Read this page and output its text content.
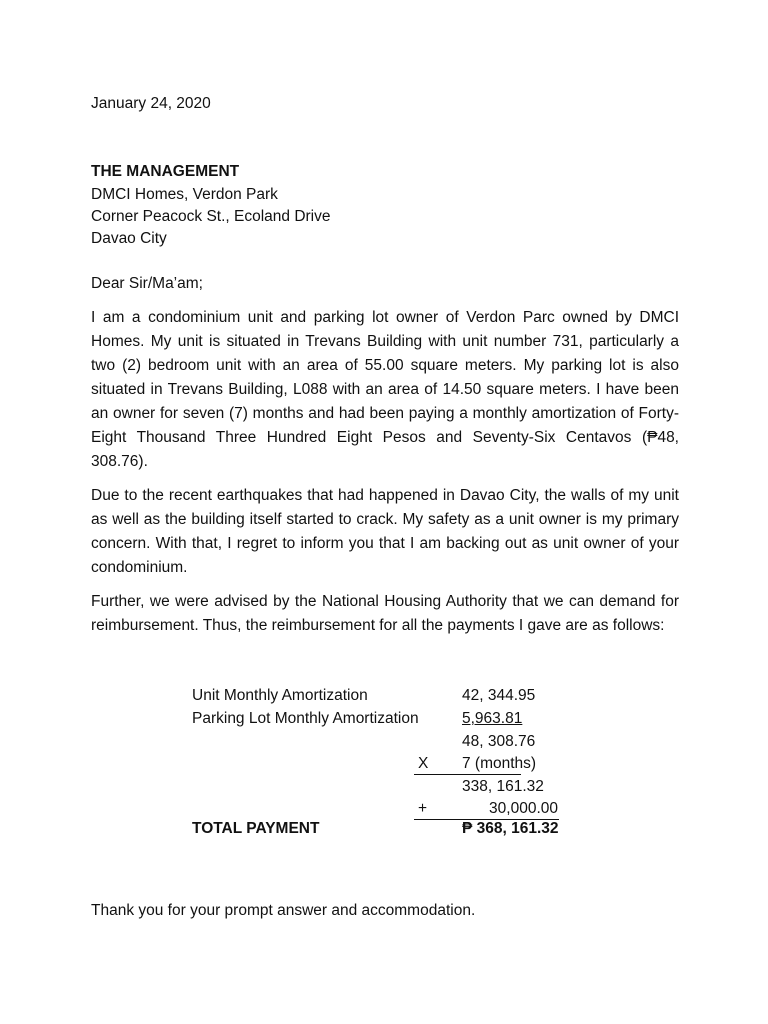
January 24, 2020
THE MANAGEMENT
DMCI Homes, Verdon Park
Corner Peacock St., Ecoland Drive
Davao City
Dear Sir/Ma’am;

I am a condominium unit and parking lot owner of Verdon Parc owned by DMCI Homes. My unit is situated in Trevans Building with unit number 731, particularly a two (2) bedroom unit with an area of 55.00 square meters. My parking lot is also situated in Trevans Building, L088 with an area of 14.50 square meters. I have been an owner for seven (7) months and had been paying a monthly amortization of Forty-Eight Thousand Three Hundred Eight Pesos and Seventy-Six Centavos (₱48, 308.76).

Due to the recent earthquakes that had happened in Davao City, the walls of my unit as well as the building itself started to crack. My safety as a unit owner is my primary concern. With that, I regret to inform you that I am backing out as unit owner of your condominium.

Further, we were advised by the National Housing Authority that we can demand for reimbursement. Thus, the reimbursement for all the payments I gave are as follows:

Unit Monthly Amortization	42, 344.95
Parking Lot Monthly Amortization	5,963.81
48, 308.76
X 7 (months)
338, 161.32
+	30,000.00
TOTAL PAYMENT	₱ 368, 161.32
Thank you for your prompt answer and accommodation.
